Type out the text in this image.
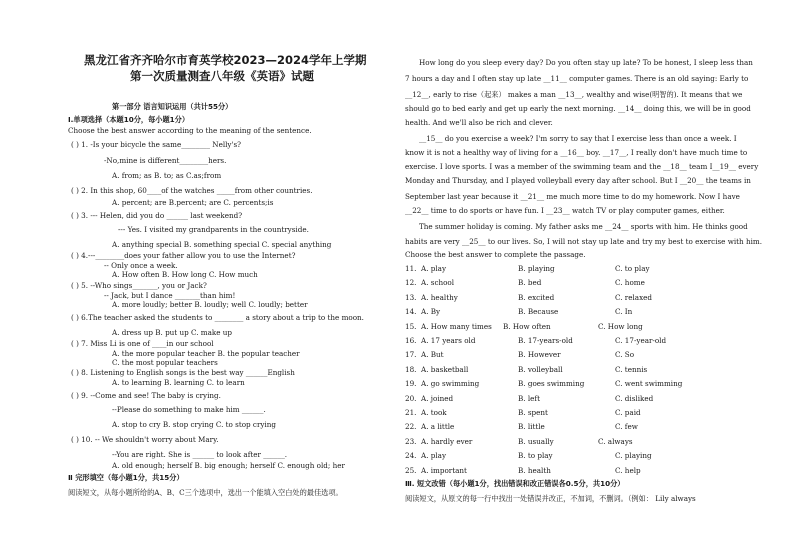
黑龙江省齐齐哈尔市育英学校2023—2024学年上学期
第一次质量测查八年级《英语》试题
第一部分 语言知识运用（共计55分）
Ⅰ.单项选择（本题10分，每小题1分）
Choose the best answer according to the meaning of the sentence.
( ) 1. -Is your bicycle the same________ Nelly's?
-No,mine is different________hers.
A. from; as B. to; as C.as;from
( ) 2. In this shop, 60____of the watches _____from other countries.
A. percent; are B.percent; are C. percents;is
( ) 3. --- Helen, did you do ______ last weekend?
--- Yes. I visited my grandparents in the countryside.
A. anything special B. something special C. special anything
( ) 4.---________does your father allow you to use the Internet?
-- Only once a week.
A. How often B. How long C. How much
( ) 5. --Who sings_______, you or Jack?
-- Jack, but I dance _______than him!
A. more loudly; better B. loudly; well C. loudly; better
( ) 6.The teacher asked the students to ________ a story about a trip to the moon.
A. dress up B. put up C. make up
( ) 7. Miss Li is one of ____in our school
A. the more popular teacher B. the popular teacher
C. the most popular teachers
( ) 8. Listening to English songs is the best way ______English
A. to learning B. learning C. to learn
( ) 9. --Come and see! The baby is crying.
--Please do something to make him ______.
A. stop to cry B. stop crying C. to stop crying
( ) 10. -- We shouldn't worry about Mary.
--You are right. She is ______ to look after ______.
A. old enough; herself B. big enough; herself C. enough old; her
Ⅱ 完形填空（每小题1分，共15分）
阅读短文，从每小题所给的A、B、C三个选项中，选出一个能填入空白处的最佳选项。
How long do you sleep every day? Do you often stay up late? To be honest, I sleep less than
7 hours a day and I often stay up late __11__ computer games. There is an old saying: Early to
__12__, early to rise（起来） makes a man __13__, wealthy and wise(明智的). It means that we
should go to bed early and get up early the next morning. __14__ doing this, we will be in good
health. And we'll also be rich and clever.
__15__ do you exercise a week? I'm sorry to say that I exercise less than once a week. I
know it is not a healthy way of living for a __16__ boy. __17__, I really don't have much time to
exercise. I love sports. I was a member of the swimming team and the __18__ team I__19__ every
Monday and Thursday, and I played volleyball every day after school. But I __20__ the teams in
September last year because it __21__ me much more time to do my homework. Now I have
__22__ time to do sports or have fun. I __23__ watch TV or play computer games, either.
The summer holiday is coming. My father asks me __24__ sports with him. He thinks good
habits are very __25__ to our lives. So, I will not stay up late and try my best to exercise with him.
Choose the best answer to complete the passage.
11. A. play	B. playing	C. to play
12. A. school	B. bed	C. home
13. A. healthy	B. excited	C. relaxed
14. A. By	B. Because	C. In
15. A. How many times B. How often	C. How long
16. A. 17 years old	B. 17-years-old	C. 17-year-old
17. A. But	B. However	C. So
18. A. basketball	B. volleyball	C. tennis
19. A. go swimming	B. goes swimming	C. went swimming
20. A. joined	B. left	C. disliked
21. A. took	B. spent	C. paid
22. A. a little	B. little	C. few
23. A. hardly ever	B. usually	C. always
24. A. play	B. to play	C. playing
25. A. important	B. health	C. help
Ⅲ. 短文改错（每小题1分，找出错误和改正错误各0.5分，共10分）
阅读短文，从原文的每一行中找出一处错误并改正，不加词，不删词。（例如： Lily always
